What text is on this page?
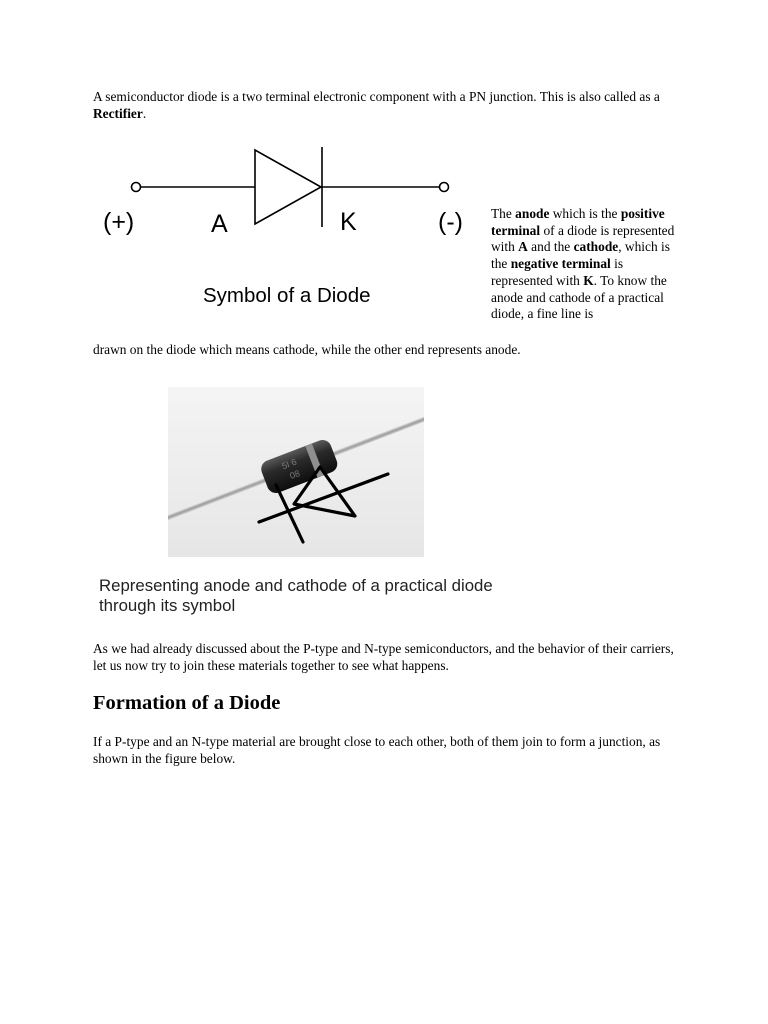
A semiconductor diode is a two terminal electronic component with a PN junction. This is also called as a Rectifier.

(+)	A	K	(-)
Symbol of a Diode

The anode which is the positive terminal of a diode is represented with A and the cathode, which is the negative terminal is represented with K. To know the anode and cathode of a practical diode, a fine line is

drawn on the diode which means cathode, while the other end represents anode.

5I 6
08
Representing anode and cathode of a practical diode
through its symbol

As we had already discussed about the P-type and N-type semiconductors, and the behavior of their carriers, let us now try to join these materials together to see what happens.

Formation of a Diode

If a P-type and an N-type material are brought close to each other, both of them join to form a junction, as shown in the figure below.
